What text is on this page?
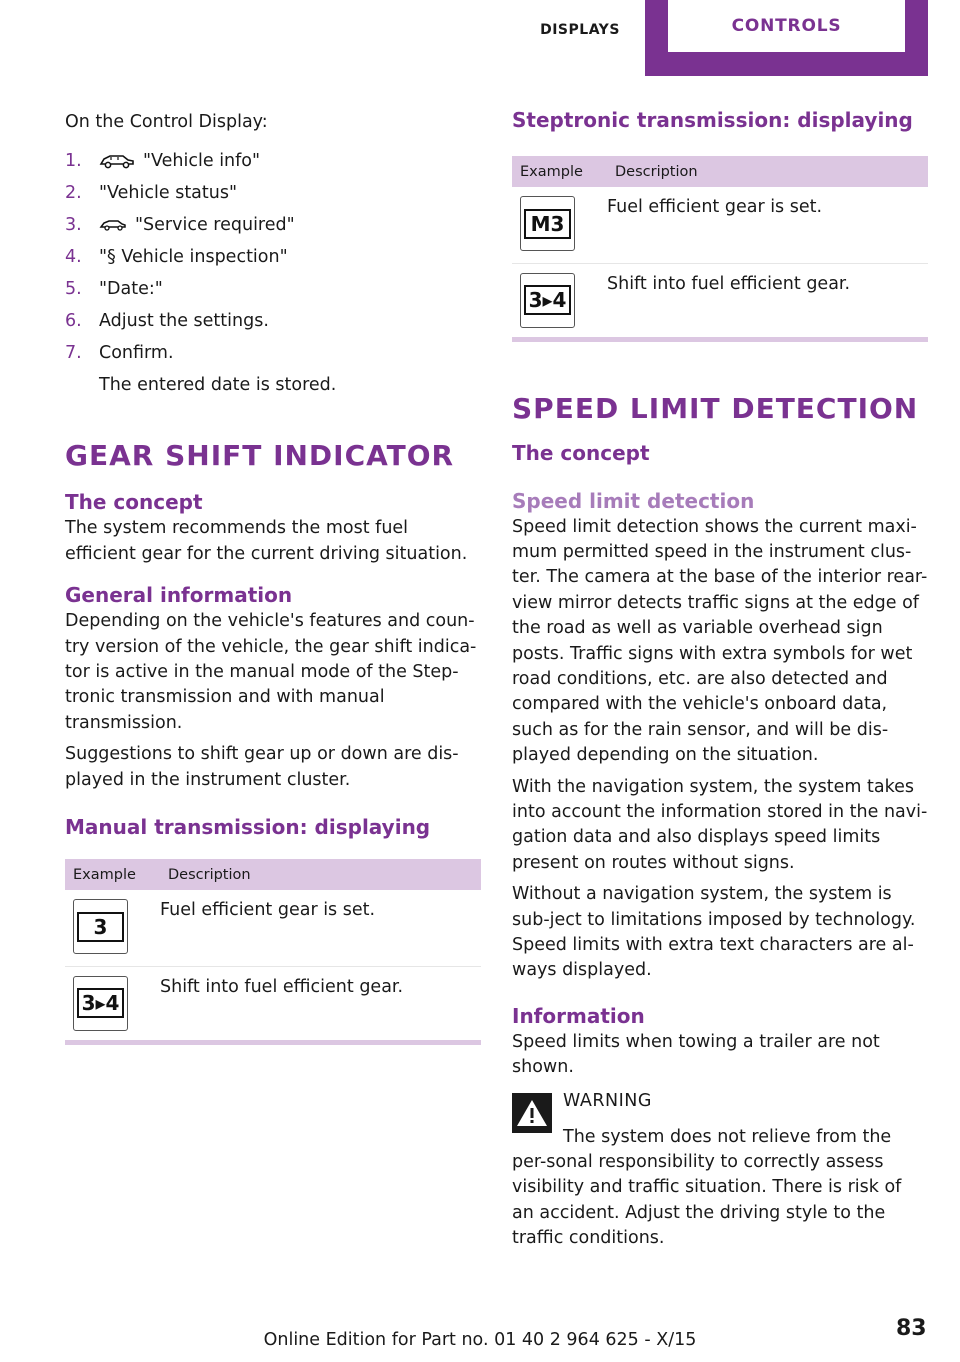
DISPLAYS	CONTROLS

On the Control Display:

1.	"Vehicle info"
2. "Vehicle status"
3.	"Service required"
4. "§ Vehicle inspection"
5. "Date:"
6. Adjust the settings.
7. Confirm.
The entered date is stored.
GEAR SHIFT INDICATOR
The concept

The system recommends the most fuel efficient gear for the current driving situation.

General information

Depending on the vehicle's features and coun-try version of the vehicle, the gear shift indica-tor is active in the manual mode of the Step-tronic transmission and with manual transmission.

Suggestions to shift gear up or down are dis-played in the instrument cluster.

Manual transmission: displaying
Example	Description

3	Fuel efficient gear is set.

3▸4	Shift into fuel efficient gear.
Steptronic transmission: displaying
Example	Description

M3	Fuel efficient gear is set.

3▸4	Shift into fuel efficient gear.
SPEED LIMIT DETECTION
The concept
Speed limit detection

Speed limit detection shows the current maxi-mum permitted speed in the instrument clus-ter. The camera at the base of the interior rear-view mirror detects traffic signs at the edge of the road as well as variable overhead sign posts. Traffic signs with extra symbols for wet road conditions, etc. are also detected and compared with the vehicle's onboard data, such as for the rain sensor, and will be dis-played depending on the situation.

With the navigation system, the system takes into account the information stored in the navi-gation data and also displays speed limits present on routes without signs.

Without a navigation system, the system is sub-ject to limitations imposed by technology. Speed limits with extra text characters are al-ways displayed.

Information

Speed limits when towing a trailer are not shown.

WARNING

The system does not relieve from the per-sonal responsibility to correctly assess visibility and traffic situation. There is risk of an accident. Adjust the driving style to the traffic conditions.

Online Edition for Part no. 01 40 2 964 625 - X/15	83
